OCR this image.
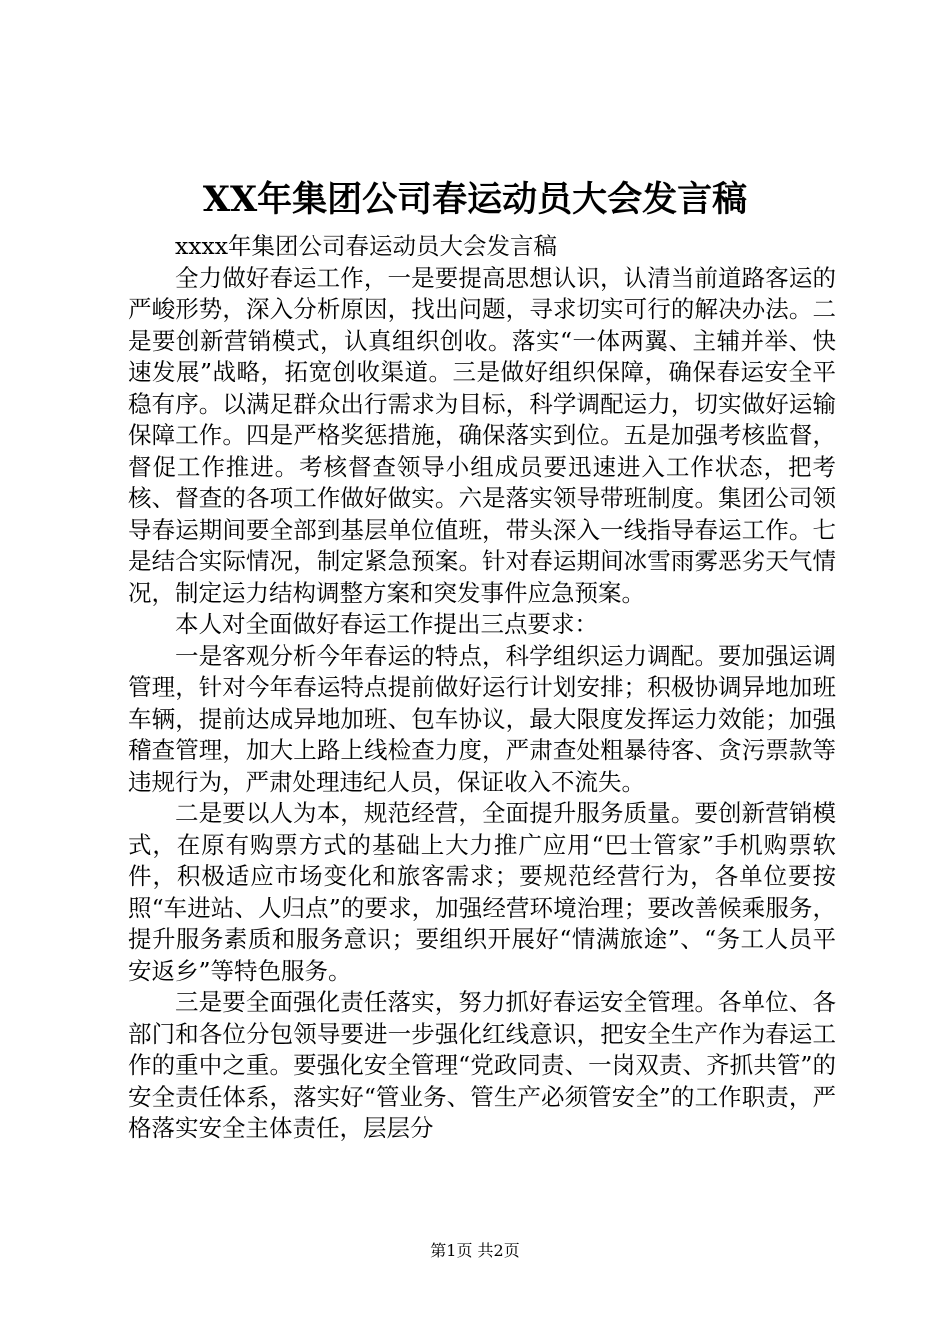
XX年集团公司春运动员大会发言稿

xxxx年集团公司春运动员大会发言稿

全力做好春运工作，一是要提高思想认识，认清当前道路客运的严峻形势，深入分析原因，找出问题，寻求切实可行的解决办法。二是要创新营销模式，认真组织创收。落实“一体两翼、主辅并举、快速发展”战略，拓宽创收渠道。三是做好组织保障，确保春运安全平稳有序。以满足群众出行需求为目标，科学调配运力，切实做好运输保障工作。四是严格奖惩措施，确保落实到位。五是加强考核监督，督促工作推进。考核督查领导小组成员要迅速进入工作状态，把考核、督查的各项工作做好做实。六是落实领导带班制度。集团公司领导春运期间要全部到基层单位值班，带头深入一线指导春运工作。七是结合实际情况，制定紧急预案。针对春运期间冰雪雨雾恶劣天气情况，制定运力结构调整方案和突发事件应急预案。

本人对全面做好春运工作提出三点要求：

一是客观分析今年春运的特点，科学组织运力调配。要加强运调管理，针对今年春运特点提前做好运行计划安排；积极协调异地加班车辆，提前达成异地加班、包车协议，最大限度发挥运力效能；加强稽查管理，加大上路上线检查力度，严肃查处粗暴待客、贪污票款等违规行为，严肃处理违纪人员，保证收入不流失。

二是要以人为本，规范经营，全面提升服务质量。要创新营销模式，在原有购票方式的基础上大力推广应用“巴士管家”手机购票软件，积极适应市场变化和旅客需求；要规范经营行为，各单位要按照“车进站、人归点”的要求，加强经营环境治理；要改善候乘服务，提升服务素质和服务意识；要组织开展好“情满旅途”、“务工人员平安返乡”等特色服务。

三是要全面强化责任落实，努力抓好春运安全管理。各单位、各部门和各位分包领导要进一步强化红线意识，把安全生产作为春运工作的重中之重。要强化安全管理“党政同责、一岗双责、齐抓共管”的安全责任体系，落实好“管业务、管生产必须管安全”的工作职责，严格落实安全主体责任，层层分

第1页 共2页
